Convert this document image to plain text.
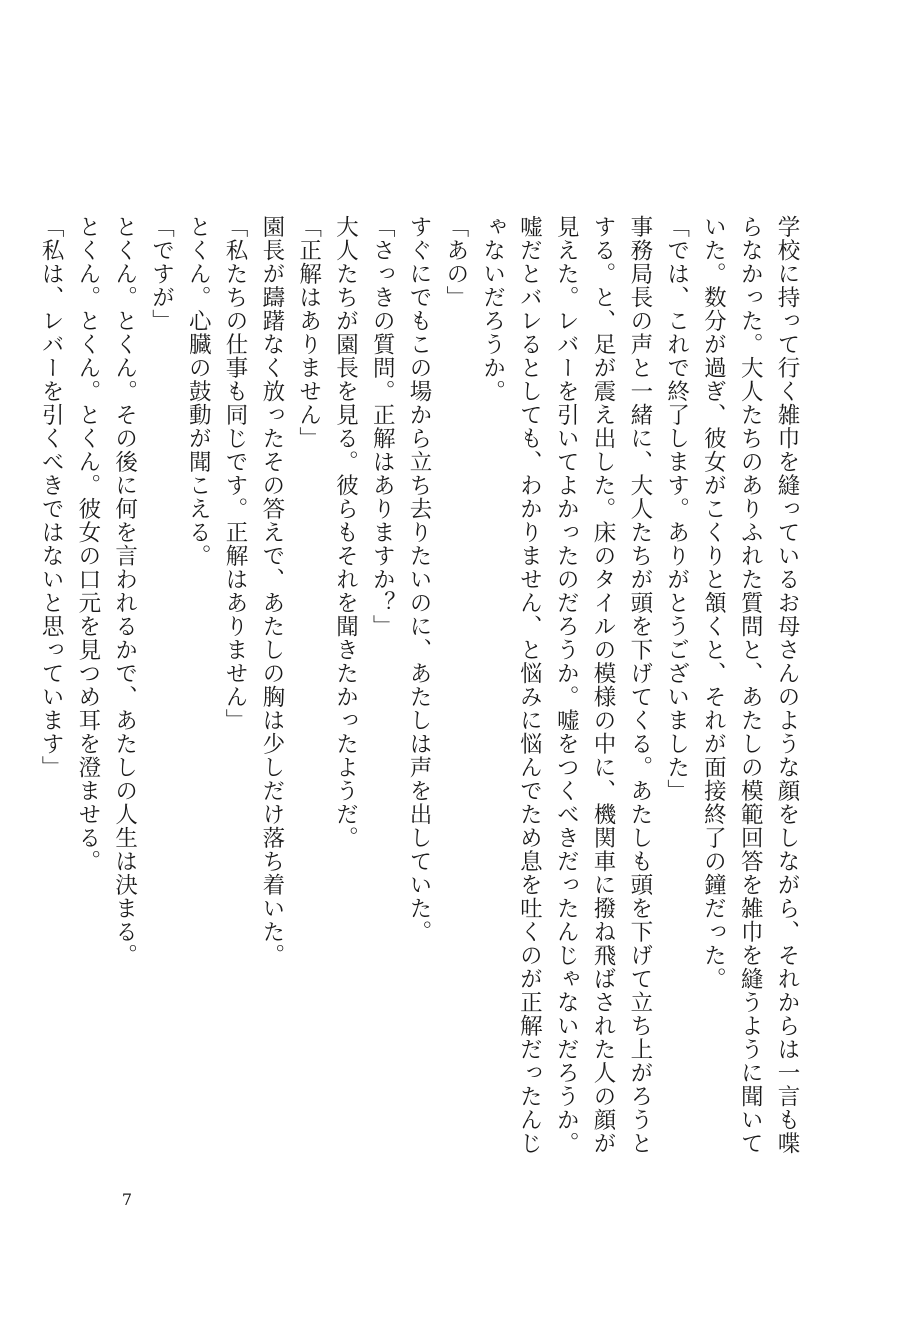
学校に持って行く雑巾を縫っているお母さんのような顔をしながら、それからは一言も喋らなかった。大人たちのありふれた質問と、あたしの模範回答を雑巾を縫うように聞いていた。数分が過ぎ、彼女がこくりと頷くと、それが面接終了の鐘だった。

「では、これで終了します。ありがとうございました」

事務局長の声と一緒に、大人たちが頭を下げてくる。あたしも頭を下げて立ち上がろうとする。と、足が震え出した。床のタイルの模様の中に、機関車に撥ね飛ばされた人の顔が見えた。レバーを引いてよかったのだろうか。嘘をつくべきだったんじゃないだろうか。嘘だとバレるとしても、わかりません、と悩みに悩んでため息を吐くのが正解だったんじゃないだろうか。

「あの」

すぐにでもこの場から立ち去りたいのに、あたしは声を出していた。

「さっきの質問。正解はありますか？」

大人たちが園長を見る。彼らもそれを聞きたかったようだ。

「正解はありません」

園長が躊躇なく放ったその答えで、あたしの胸は少しだけ落ち着いた。

「私たちの仕事も同じです。正解はありません」

とくん。心臓の鼓動が聞こえる。

「ですが」

とくん。とくん。その後に何を言われるかで、あたしの人生は決まる。

とくん。とくん。とくん。彼女の口元を見つめ耳を澄ませる。

「私は、レバーを引くべきではないと思っています」

7
